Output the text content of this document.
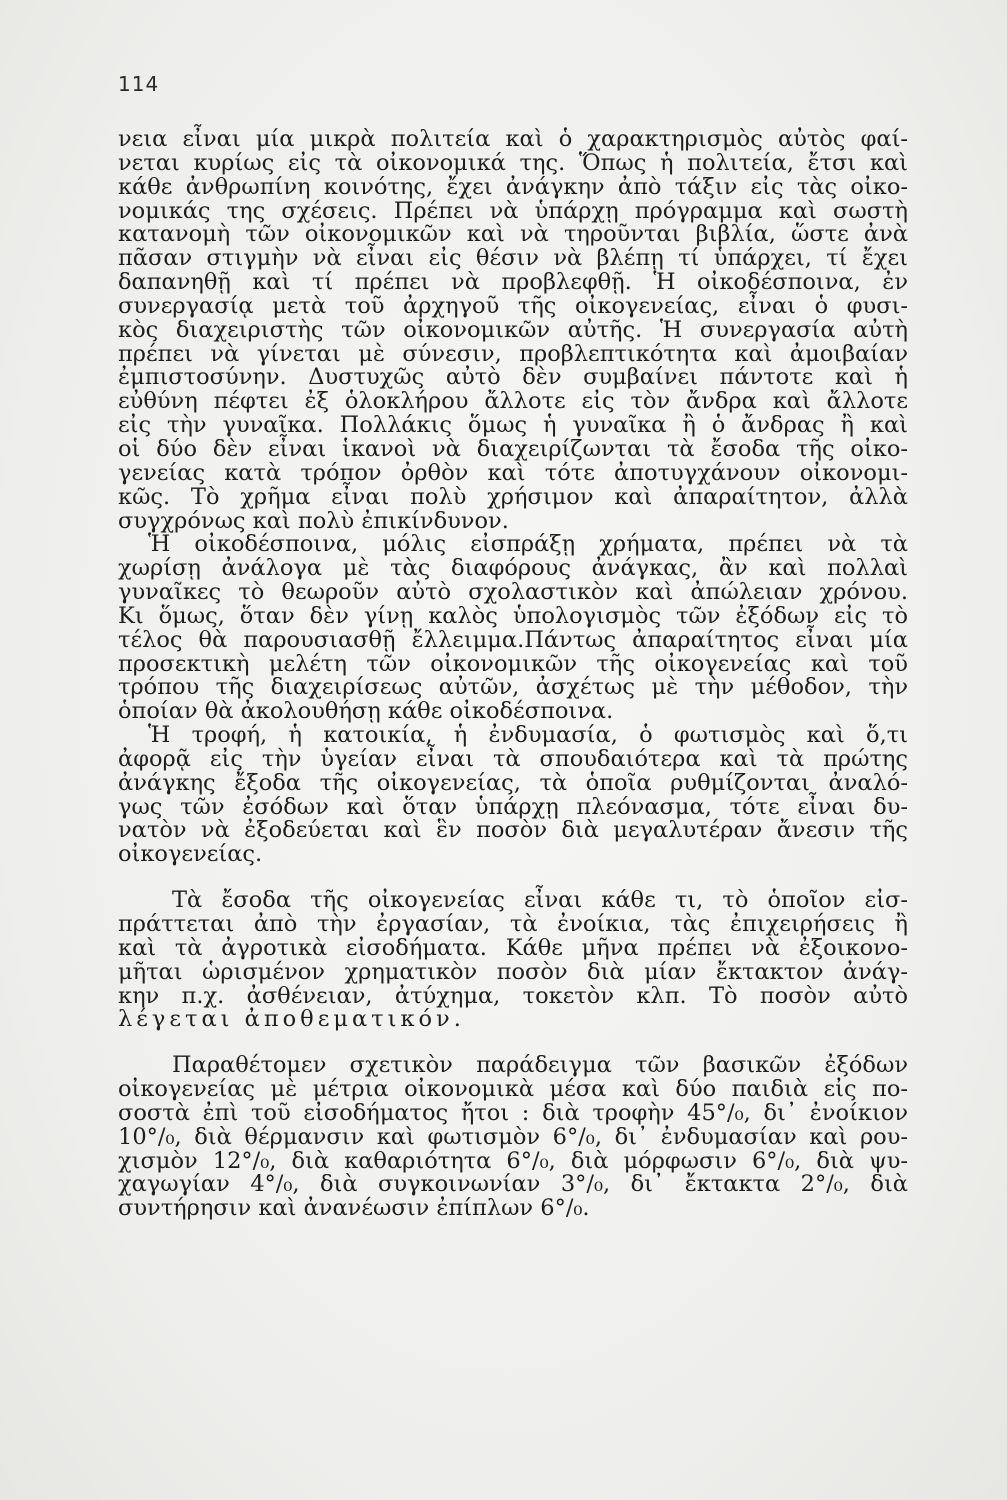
114
νεια εἶναι μία μικρὰ πολιτεία καὶ ὁ χαρακτηρισμὸς αὐτὸς φαί-
νεται κυρίως εἰς τὰ οἰκονομικά της. Ὅπως ἡ πολιτεία, ἔτσι καὶ
κάθε ἀνθρωπίνη κοινότης, ἔχει ἀνάγκην ἀπὸ τάξιν εἰς τὰς οἰκο-
νομικάς της σχέσεις. Πρέπει νὰ ὑπάρχῃ πρόγραμμα καὶ σωστὴ
κατανομὴ τῶν οἰκονομικῶν καὶ νὰ τηροῦνται βιβλία, ὥστε ἀνὰ
πᾶσαν στιγμὴν νὰ εἶναι εἰς θέσιν νὰ βλέπῃ τί ὑπάρχει, τί ἔχει
δαπανηθῇ καὶ τί πρέπει νὰ προβλεφθῇ. Ἡ οἰκοδέσποινα, ἐν
συνεργασίᾳ μετὰ τοῦ ἀρχηγοῦ τῆς οἰκογενείας, εἶναι ὁ φυσι-
κὸς διαχειριστὴς τῶν οἰκονομικῶν αὐτῆς. Ἡ συνεργασία αὐτὴ
πρέπει νὰ γίνεται μὲ σύνεσιν, προβλεπτικότητα καὶ ἀμοιβαίαν
ἐμπιστοσύνην. Δυστυχῶς αὐτὸ δὲν συμβαίνει πάντοτε καὶ ἡ
εὐθύνη πέφτει ἐξ ὁλοκλήρου ἄλλοτε εἰς τὸν ἄνδρα καὶ ἄλλοτε
εἰς τὴν γυναῖκα. Πολλάκις ὅμως ἡ γυναῖκα ἢ ὁ ἄνδρας ἢ καὶ
οἱ δύο δὲν εἶναι ἱκανοὶ νὰ διαχειρίζωνται τὰ ἔσοδα τῆς οἰκο-
γενείας κατὰ τρόπον ὀρθὸν καὶ τότε ἀποτυγχάνουν οἰκονομι-
κῶς. Τὸ χρῆμα εἶναι πολὺ χρήσιμον καὶ ἀπαραίτητον, ἀλλὰ
συγχρόνως καὶ πολὺ ἐπικίνδυνον.
Ἡ οἰκοδέσποινα, μόλις εἰσπράξῃ χρήματα, πρέπει νὰ τὰ
χωρίσῃ ἀνάλογα μὲ τὰς διαφόρους ἀνάγκας, ἂν καὶ πολλαὶ
γυναῖκες τὸ θεωροῦν αὐτὸ σχολαστικὸν καὶ ἀπώλειαν χρόνου.
Κι ὅμως, ὅταν δὲν γίνῃ καλὸς ὑπολογισμὸς τῶν ἐξόδων εἰς τὸ
τέλος θὰ παρουσιασθῇ ἔλλειμμα.Πάντως ἀπαραίτητος εἶναι μία
προσεκτικὴ μελέτη τῶν οἰκονομικῶν τῆς οἰκογενείας καὶ τοῦ
τρόπου τῆς διαχειρίσεως αὐτῶν, ἀσχέτως μὲ τὴν μέθοδον, τὴν
ὁποίαν θὰ ἀκολουθήσῃ κάθε οἰκοδέσποινα.
Ἡ τροφή, ἡ κατοικία, ἡ ἐνδυμασία, ὁ φωτισμὸς καὶ ὅ,τι
ἀφορᾷ εἰς τὴν ὑγείαν εἶναι τὰ σπουδαιότερα καὶ τὰ πρώτης
ἀνάγκης ἔξοδα τῆς οἰκογενείας, τὰ ὁποῖα ρυθμίζονται ἀναλό-
γως τῶν ἐσόδων καὶ ὅταν ὑπάρχῃ πλεόνασμα, τότε εἶναι δυ-
νατὸν νὰ ἐξοδεύεται καὶ ἓν ποσὸν διὰ μεγαλυτέραν ἄνεσιν τῆς
οἰκογενείας.
Τὰ ἔσοδα τῆς οἰκογενείας εἶναι κάθε τι, τὸ ὁποῖον εἰσ-
πράττεται ἀπὸ τὴν ἐργασίαν, τὰ ἐνοίκια, τὰς ἐπιχειρήσεις ἢ
καὶ τὰ ἀγροτικὰ εἰσοδήματα. Κάθε μῆνα πρέπει νὰ ἐξοικονο-
μῆται ὡρισμένον χρηματικὸν ποσὸν διὰ μίαν ἔκτακτον ἀνάγ-
κην π.χ. ἀσθένειαν, ἀτύχημα, τοκετὸν κλπ. Τὸ ποσὸν αὐτὸ
λέγεται ἀποθεματικόν.
Παραθέτομεν σχετικὸν παράδειγμα τῶν βασικῶν ἐξόδων
οἰκογενείας μὲ μέτρια οἰκονομικὰ μέσα καὶ δύο παιδιὰ εἰς πο-
σοστὰ ἐπὶ τοῦ εἰσοδήματος ἤτοι : διὰ τροφὴν 45°/₀, δι᾽ ἐνοίκιον
10°/₀, διὰ θέρμανσιν καὶ φωτισμὸν 6°/₀, δι᾽ ἐνδυμασίαν καὶ ρου-
χισμὸν 12°/₀, διὰ καθαριότητα 6°/₀, διὰ μόρφωσιν 6°/₀, διὰ ψυ-
χαγωγίαν 4°/₀, διὰ συγκοινωνίαν 3°/₀, δι᾽ ἔκτακτα 2°/₀, διὰ
συντήρησιν καὶ ἀνανέωσιν ἐπίπλων 6°/₀.
